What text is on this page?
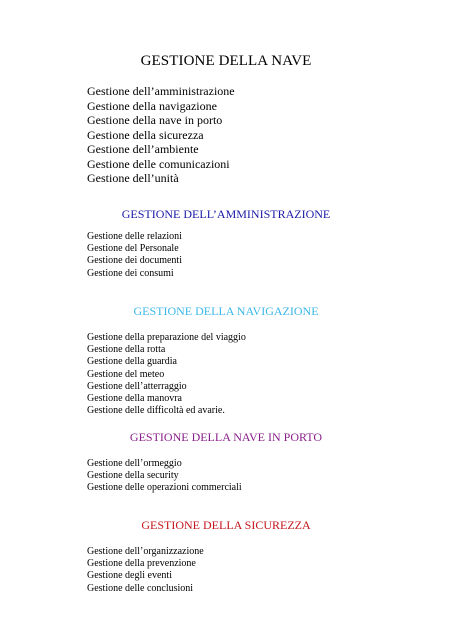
GESTIONE DELLA NAVE
Gestione dell’amministrazione
Gestione della navigazione
Gestione della nave in porto
Gestione della sicurezza
Gestione dell’ambiente
Gestione delle comunicazioni
Gestione dell’unità
GESTIONE DELL’AMMINISTRAZIONE
Gestione delle relazioni
Gestione del Personale
Gestione dei documenti
Gestione dei consumi
GESTIONE DELLA NAVIGAZIONE
Gestione della preparazione del viaggio
Gestione della rotta
Gestione della guardia
Gestione del meteo
Gestione dell’atterraggio
Gestione della manovra
Gestione delle difficoltà ed avarie.
GESTIONE DELLA NAVE IN PORTO
Gestione dell’ormeggio
Gestione della security
Gestione delle operazioni commerciali
GESTIONE DELLA SICUREZZA
Gestione dell’organizzazione
Gestione della prevenzione
Gestione degli eventi
Gestione delle conclusioni
